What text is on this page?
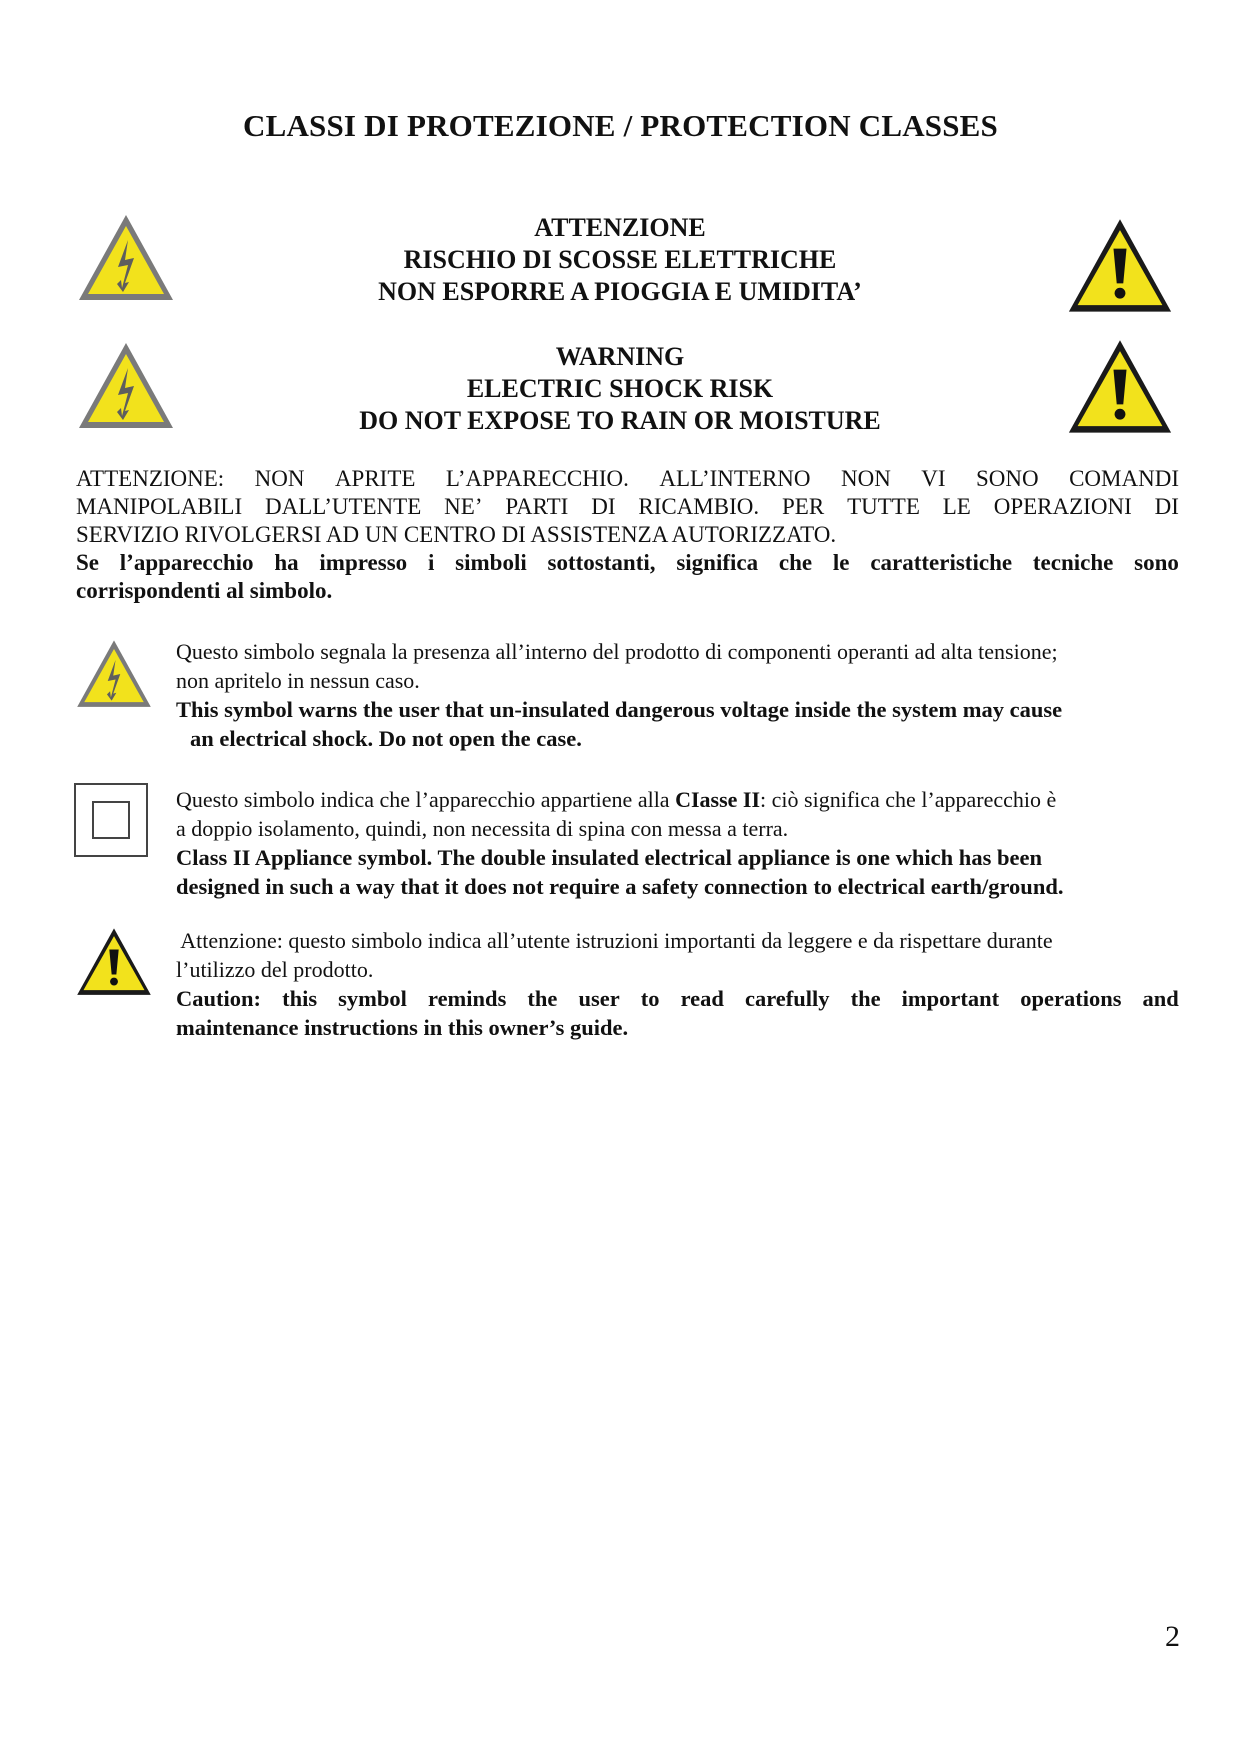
CLASSI DI PROTEZIONE / PROTECTION CLASSES
ATTENZIONE
RISCHIO DI SCOSSE ELETTRICHE
NON ESPORRE A PIOGGIA E UMIDITA’
WARNING
ELECTRIC SHOCK RISK
DO NOT EXPOSE TO RAIN OR MOISTURE
ATTENZIONE: NON APRITE L’APPARECCHIO. ALL’INTERNO NON VI SONO COMANDI
MANIPOLABILI DALL’UTENTE NE’ PARTI DI RICAMBIO. PER TUTTE LE OPERAZIONI DI
SERVIZIO RIVOLGERSI AD UN CENTRO DI ASSISTENZA AUTORIZZATO.
Se l’apparecchio ha impresso i simboli sottostanti, significa che le caratteristiche tecniche sono
corrispondenti al simbolo.
Questo simbolo segnala la presenza all’interno del prodotto di componenti operanti ad alta tensione;
non apritelo in nessun caso.
This symbol warns the user that un-insulated dangerous voltage inside the system may cause
an electrical shock. Do not open the case.
Questo simbolo indica che l’apparecchio appartiene alla CIasse II: ciò significa che l’apparecchio è
a doppio isolamento, quindi, non necessita di spina con messa a terra.
Class II Appliance symbol. The double insulated electrical appliance is one which has been
designed in such a way that it does not require a safety connection to electrical earth/ground.
Attenzione: questo simbolo indica all’utente istruzioni importanti da leggere e da rispettare durante
l’utilizzo del prodotto.
Caution: this symbol reminds the user to read carefully the important operations and
maintenance instructions in this owner’s guide.
2
